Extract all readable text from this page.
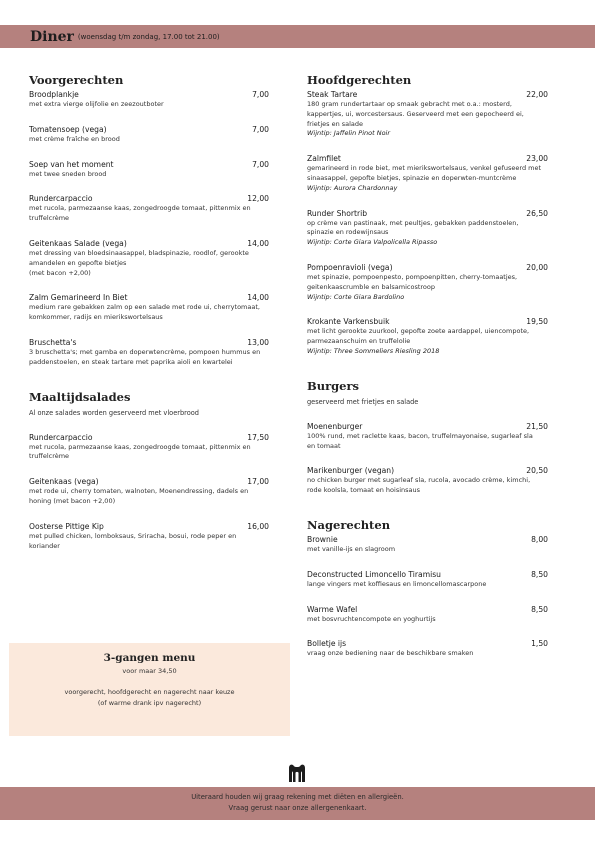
Diner (woensdag t/m zondag, 17.00 tot 21.00)
Voorgerechten
Broodplankje	7,00
met extra vierge olijfolie en zeezoutboter
Tomatensoep (vega)	7,00
met crème fraîche en brood
Soep van het moment	7,00
met twee sneden brood
Rundercarpaccio	12,00
met rucola, parmezaanse kaas, zongedroogde tomaat, pittenmix en truffelcrème
Geitenkaas Salade (vega)	14,00
met dressing van bloedsinaasappel, bladspinazie, roodlof, gerookte amandelen en gepofte bietjes
(met bacon +2,00)
Zalm Gemarineerd In Biet	14,00
medium rare gebakken zalm op een salade met rode ui, cherrytomaat, komkommer, radijs en mierikswortelsaus
Bruschetta's	13,00
3 bruschetta's; met gamba en doperwtencrème, pompoen hummus en paddenstoelen, en steak tartare met paprika aioli en kwartelei
Maaltijdsalades
Al onze salades worden geserveerd met vloerbrood
Rundercarpaccio	17,50
met rucola, parmezaanse kaas, zongedroogde tomaat, pittenmix en truffelcrème
Geitenkaas (vega)	17,00
met rode ui, cherry tomaten, walnoten, Moenendressing, dadels en honing (met bacon +2,00)
Oosterse Pittige Kip	16,00
met pulled chicken, lomboksaus, Sriracha, bosui, rode peper en koriander
3-gangen menu
voor maar 34,50
voorgerecht, hoofdgerecht en nagerecht naar keuze
(of warme drank ipv nagerecht)
Hoofdgerechten
Steak Tartare	22,00
180 gram rundertartaar op smaak gebracht met o.a.: mosterd, kappertjes, ui, worcestersaus. Geserveerd met een gepocheerd ei, frietjes en salade
Wijntip: Jaffelin Pinot Noir
Zalmfilet	23,00
gemarineerd in rode biet, met mierikswortelsaus, venkel gefuseerd met sinaasappel, gepofte bietjes, spinazie en doperwten-muntcrème
Wijntip: Aurora Chardonnay
Runder Shortrib	26,50
op crème van pastinaak, met peultjes, gebakken paddenstoelen, spinazie en rodewijnsaus
Wijntip: Corte Giara Valpolicella Ripasso
Pompoenravioli (vega)	20,00
met spinazie, pompoenpesto, pompoenpitten, cherry-tomaatjes, geitenkaascrumble en balsamicostroop
Wijntip: Corte Giara Bardolino
Krokante Varkensbuik	19,50
met licht gerookte zuurkool, gepofte zoete aardappel, uiencompote, parmezaanschuim en truffelolie
Wijntip: Three Sommeliers Riesling 2018
Burgers
geserveerd met frietjes en salade
Moenenburger	21,50
100% rund, met raclette kaas, bacon, truffelmayonaise, sugarleaf sla en tomaat
Marikenburger (vegan)	20,50
no chicken burger met sugarleaf sla, rucola, avocado crème, kimchi, rode koolsla, tomaat en hoisinsaus
Nagerechten
Brownie	8,00
met vanille-ijs en slagroom
Deconstructed Limoncello Tiramisu	8,50
lange vingers met koffiesaus en limoncellomascarpone
Warme Wafel	8,50
met bosvruchtencompote en yoghurtijs
Bolletje ijs	1,50
vraag onze bediening naar de beschikbare smaken
Uiteraard houden wij graag rekening met diëten en allergieën.
Vraag gerust naar onze allergenenkaart.
